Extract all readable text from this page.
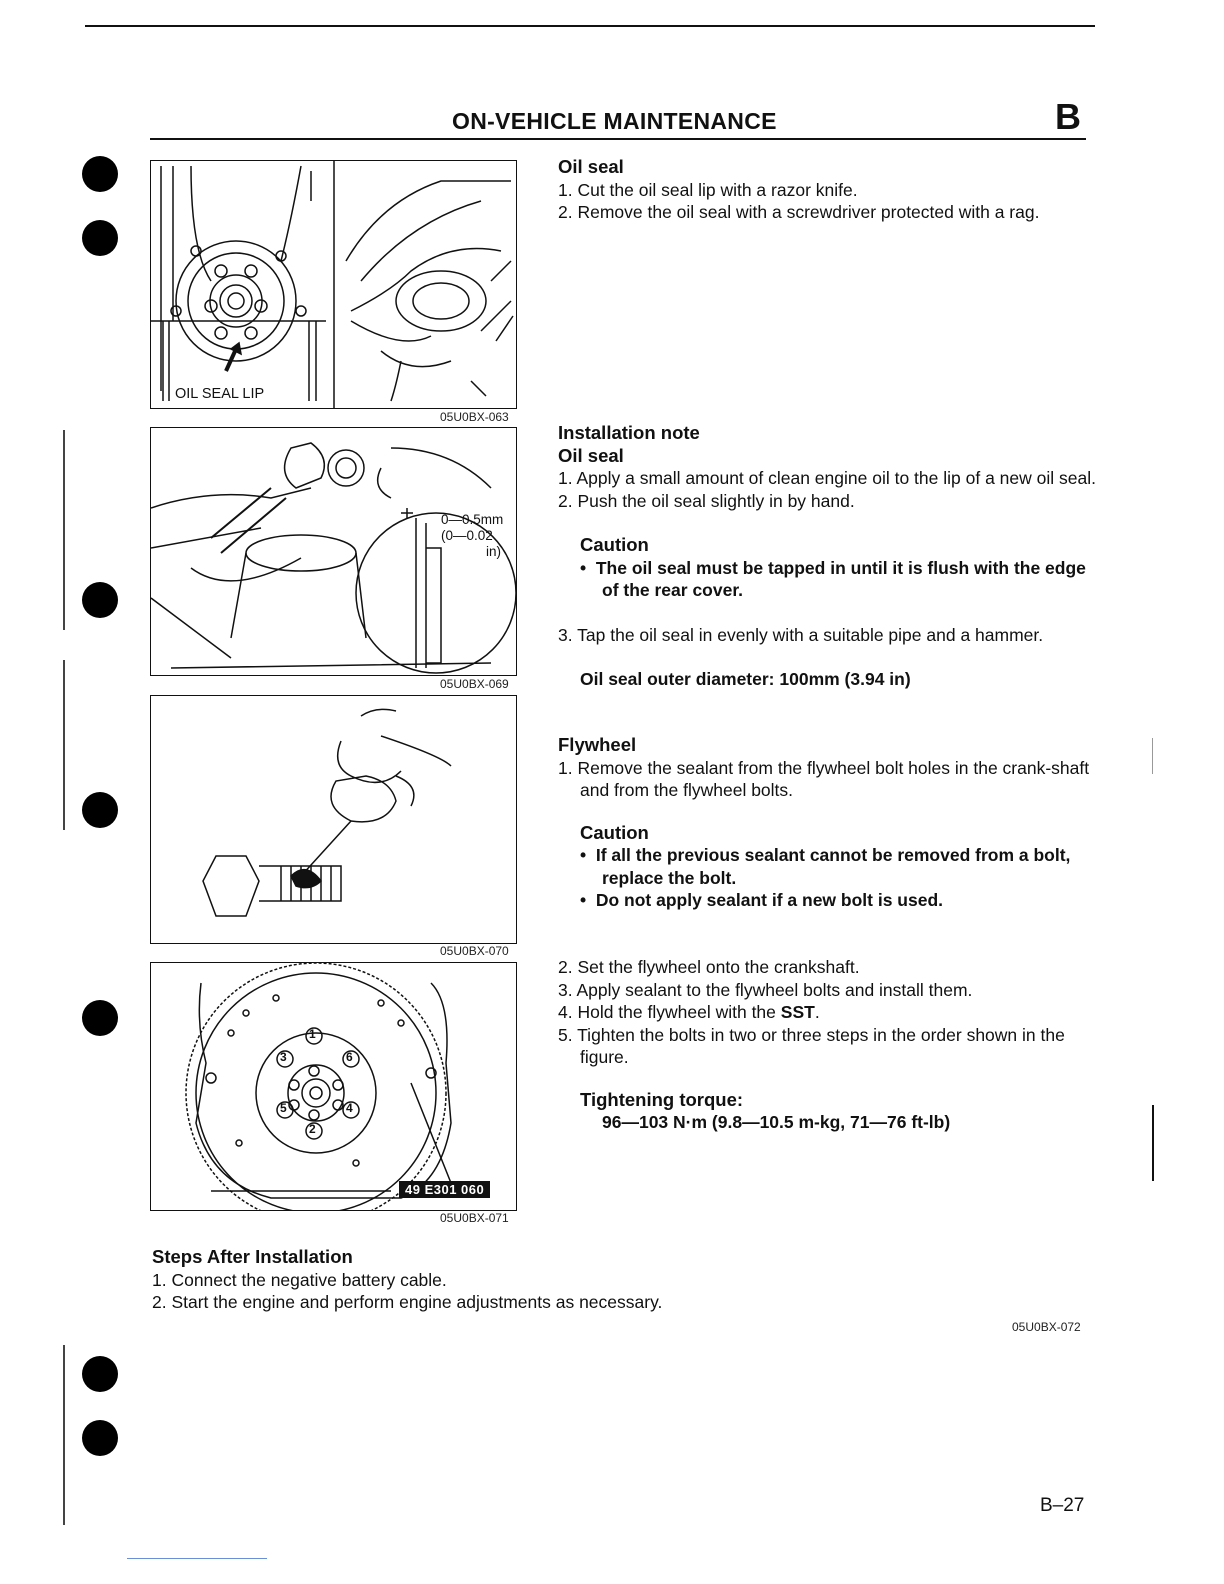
ON-VEHICLE MAINTENANCE	B
OIL SEAL LIP
05U0BX-063
0—0.5mm
(0—0.02
in)
05U0BX-069
05U0BX-070
1
2
3
4
5
6
49 E301 060
05U0BX-071
Oil seal
1. Cut the oil seal lip with a razor knife.
2. Remove the oil seal with a screwdriver protected with a rag.
Installation note
Oil seal
1. Apply a small amount of clean engine oil to the lip of a new oil seal.
2. Push the oil seal slightly in by hand.
Caution
•  The oil seal must be tapped in until it is flush with the edge of the rear cover.
3. Tap the oil seal in evenly with a suitable pipe and a hammer.
Oil seal outer diameter: 100mm (3.94 in)
Flywheel
1. Remove the sealant from the flywheel bolt holes in the crank-shaft and from the flywheel bolts.
Caution
•  If all the previous sealant cannot be removed from a bolt, replace the bolt.
•  Do not apply sealant if a new bolt is used.
2. Set the flywheel onto the crankshaft.
3. Apply sealant to the flywheel bolts and install them.
4. Hold the flywheel with the SST.
5. Tighten the bolts in two or three steps in the order shown in the figure.
Tightening torque:
96—103 N·m (9.8—10.5 m-kg, 71—76 ft-lb)
Steps After Installation
1. Connect the negative battery cable.
2. Start the engine and perform engine adjustments as necessary.
05U0BX-072
B–27
